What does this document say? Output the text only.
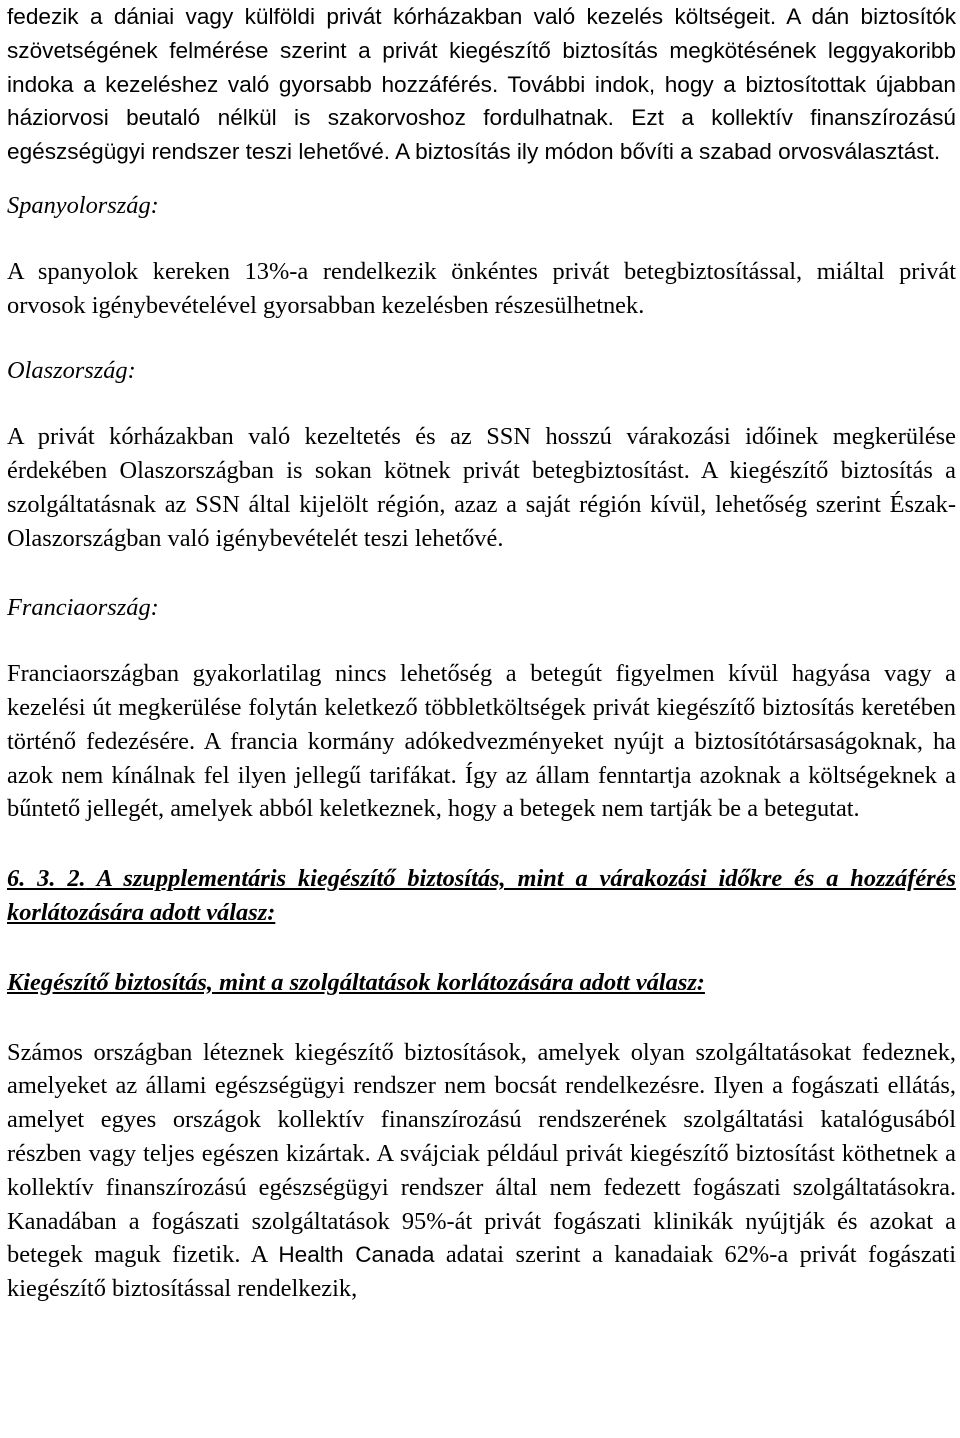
fedezik a dániai vagy külföldi privát kórházakban való kezelés költségeit. A dán biztosítók szövetségének felmérése szerint a privát kiegészítő biztosítás megkötésének leggyakoribb indoka a kezeléshez való gyorsabb hozzáférés. További indok, hogy a biztosítottak újabban háziorvosi beutaló nélkül is szakorvoshoz fordulhatnak. Ezt a kollektív finanszírozású egészségügyi rendszer teszi lehetővé. A biztosítás ily módon bővíti a szabad orvosválasztást.

Spanyolország:

A spanyolok kereken 13%-a rendelkezik önkéntes privát betegbiztosítással, miáltal privát orvosok igénybevételével gyorsabban kezelésben részesülhetnek.

Olaszország:

A privát kórházakban való kezeltetés és az SSN hosszú várakozási időinek megkerülése érdekében Olaszországban is sokan kötnek privát betegbiztosítást. A kiegészítő biztosítás a szolgáltatásnak az SSN által kijelölt régión, azaz a saját régión kívül, lehetőség szerint Észak-Olaszországban való igénybevételét teszi lehetővé.

Franciaország:

Franciaországban gyakorlatilag nincs lehetőség a betegút figyelmen kívül hagyása vagy a kezelési út megkerülése folytán keletkező többletköltségek privát kiegészítő biztosítás keretében történő fedezésére. A francia kormány adókedvezményeket nyújt a biztosítótársaságoknak, ha azok nem kínálnak fel ilyen jellegű tarifákat. Így az állam fenntartja azoknak a költségeknek a bűntető jellegét, amelyek abból keletkeznek, hogy a betegek nem tartják be a betegutat.

6. 3. 2. A szupplementáris kiegészítő biztosítás, mint a várakozási időkre és a hozzáférés korlátozására adott válasz:

Kiegészítő biztosítás, mint a szolgáltatások korlátozására adott válasz:

Számos országban léteznek kiegészítő biztosítások, amelyek olyan szolgáltatásokat fedeznek, amelyeket az állami egészségügyi rendszer nem bocsát rendelkezésre. Ilyen a fogászati ellátás, amelyet egyes országok kollektív finanszírozású rendszerének szolgáltatási katalógusából részben vagy teljes egészen kizártak. A svájciak például privát kiegészítő biztosítást köthetnek a kollektív finanszírozású egészségügyi rendszer által nem fedezett fogászati szolgáltatásokra. Kanadában a fogászati szolgáltatások 95%-át privát fogászati klinikák nyújtják és azokat a betegek maguk fizetik. A Health Canada adatai szerint a kanadaiak 62%-a privát fogászati kiegészítő biztosítással rendelkezik,
